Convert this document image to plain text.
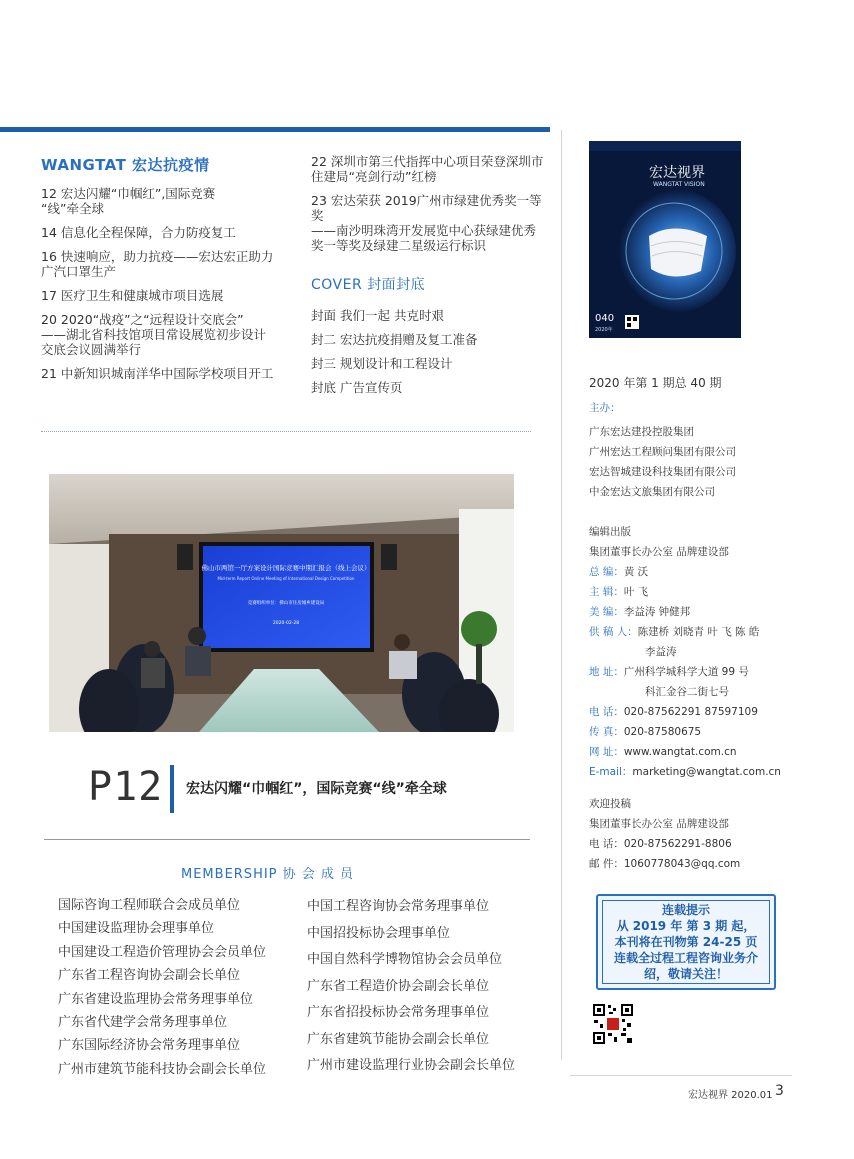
WANGTAT 宏达抗疫情
12 宏达闪耀“巾帼红”,国际竞赛
“线”牵全球
14 信息化全程保障，合力防疫复工
16 快速响应，助力抗疫——宏达宏正助力
广汽口罩生产
17 医疗卫生和健康城市项目选展
20 2020“战疫”之“远程设计交底会”
——湖北省科技馆项目常设展览初步设计
交底会议圆满举行
21 中新知识城南洋华中国际学校项目开工
22 深圳市第三代指挥中心项目荣登深圳市
住建局“亮剑行动”红榜
23 宏达荣获 2019广州市绿建优秀奖一等
奖
——南沙明珠湾开发展览中心获绿建优秀
奖一等奖及绿建二星级运行标识
COVER 封面封底
封面 我们一起 共克时艰
封二 宏达抗疫捐赠及复工准备
封三 规划设计和工程设计
封底 广告宣传页
佛山市两馆一厅方案设计国际竞赛中期汇报会（线上会议）
Mid-term Report Online Meeting of International Design Competition
竞赛组织单位：佛山市住房城乡建设局
2020-02-28
P12 宏达闪耀“巾帼红”，国际竞赛“线”牵全球
MEMBERSHIP 协 会 成 员
国际咨询工程师联合会成员单位
中国建设监理协会理事单位
中国建设工程造价管理协会会员单位
广东省工程咨询协会副会长单位
广东省建设监理协会常务理事单位
广东省代建学会常务理事单位
广东国际经济协会常务理事单位
广州市建筑节能科技协会副会长单位
中国工程咨询协会常务理事单位
中国招投标协会理事单位
中国自然科学博物馆协会会员单位
广东省工程造价协会副会长单位
广东省招投标协会常务理事单位
广东省建筑节能协会副会长单位
广州市建设监理行业协会副会长单位
宏达视界
WANGTAT VISION
040
2020年
2020 年第 1 期总 40 期
主办：
广东宏达建投控股集团
广州宏达工程顾问集团有限公司
宏达智城建设科技集团有限公司
中金宏达文旅集团有限公司
编辑出版
集团董事长办公室 品牌建设部
总 编：黄 沃
主 辑：叶 飞
美 编：李益涛 钟健邦
供 稿 人：陈建桥 刘晓青 叶 飞 陈 皓
李益涛
地 址：广州科学城科学大道 99 号
科汇金谷二街七号
电 话：020-87562291 87597109
传 真：020-87580675
网 址：www.wangtat.com.cn
E-mail：marketing@wangtat.com.cn
欢迎投稿
集团董事长办公室 品牌建设部
电 话：020-87562291-8806
邮 件：1060778043@qq.com
连载提示
从 2019 年 第 3 期 起，
本刊将在刊物第 24-25 页
连载全过程工程咨询业务介
绍，敬请关注！
宏达视界 2020.01 3
